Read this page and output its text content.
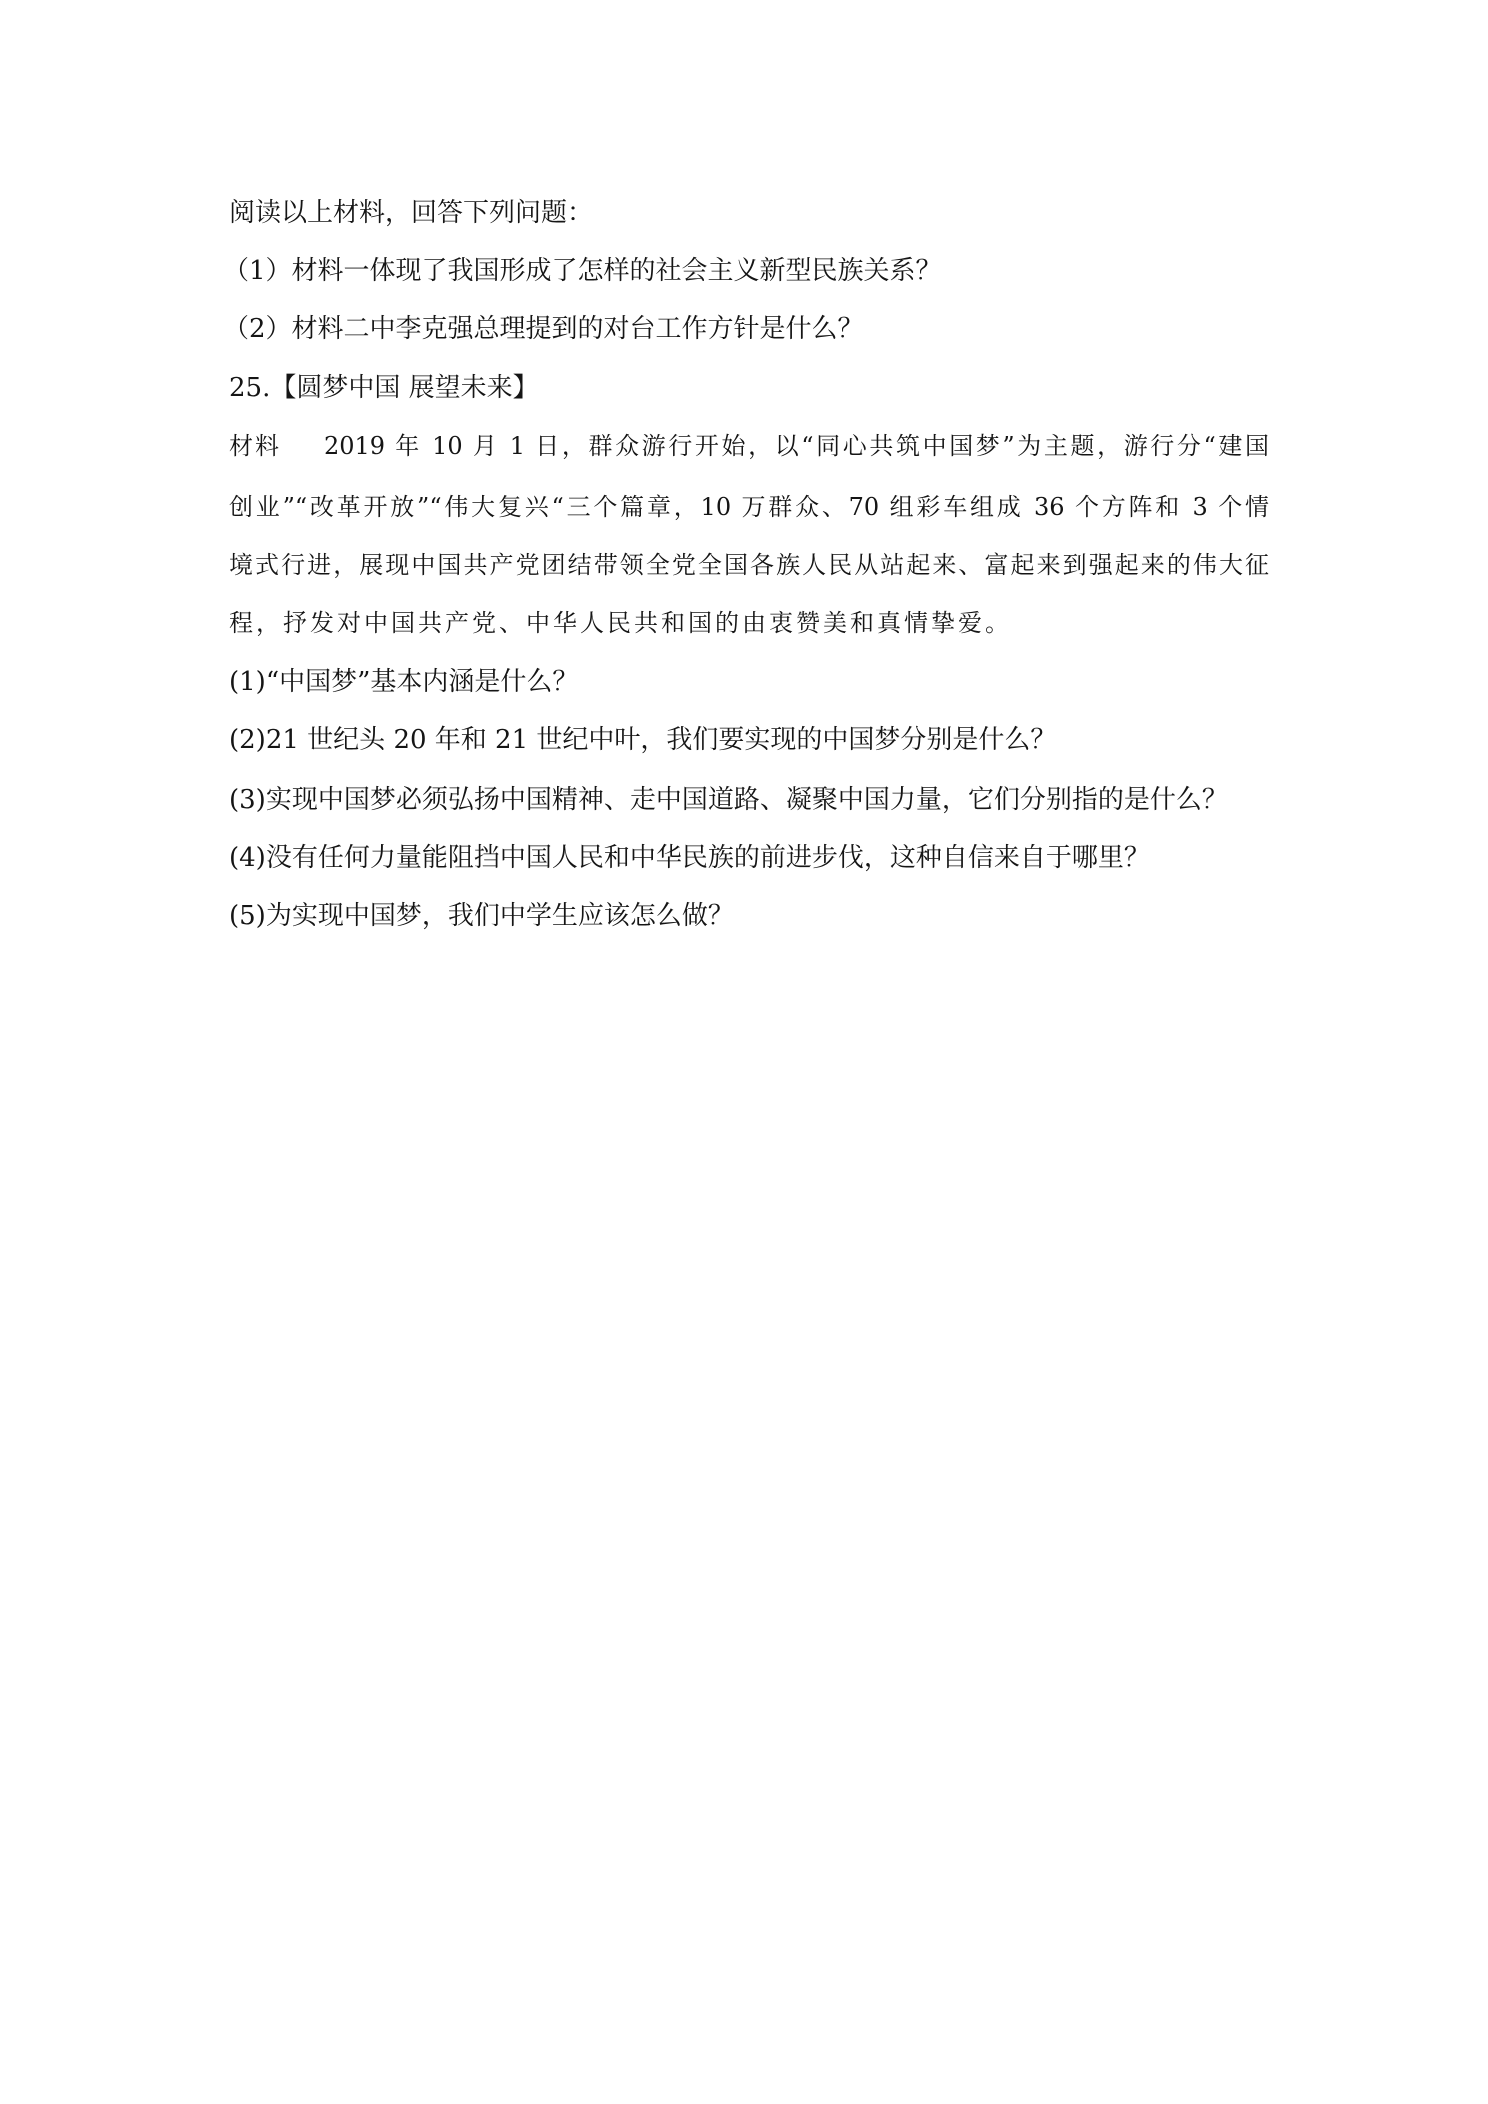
阅读以上材料，回答下列问题：
（1）材料一体现了我国形成了怎样的社会主义新型民族关系？
（2）材料二中李克强总理提到的对台工作方针是什么？
25.【圆梦中国 展望未来】
材料 2019 年 10 月 1 日，群众游行开始，以“同心共筑中国梦”为主题，游行分“建国
创业”“改革开放”“伟大复兴“三个篇章，10 万群众、70 组彩车组成 36 个方阵和 3 个情
境式行进，展现中国共产党团结带领全党全国各族人民从站起来、富起来到强起来的伟大征
程，抒发对中国共产党、中华人民共和国的由衷赞美和真情挚爱。
(1)“中国梦”基本内涵是什么？
(2)21 世纪头 20 年和 21 世纪中叶，我们要实现的中国梦分别是什么？
(3)实现中国梦必须弘扬中国精神、走中国道路、凝聚中国力量，它们分别指的是什么？
(4)没有任何力量能阻挡中国人民和中华民族的前进步伐，这种自信来自于哪里？
(5)为实现中国梦，我们中学生应该怎么做？
